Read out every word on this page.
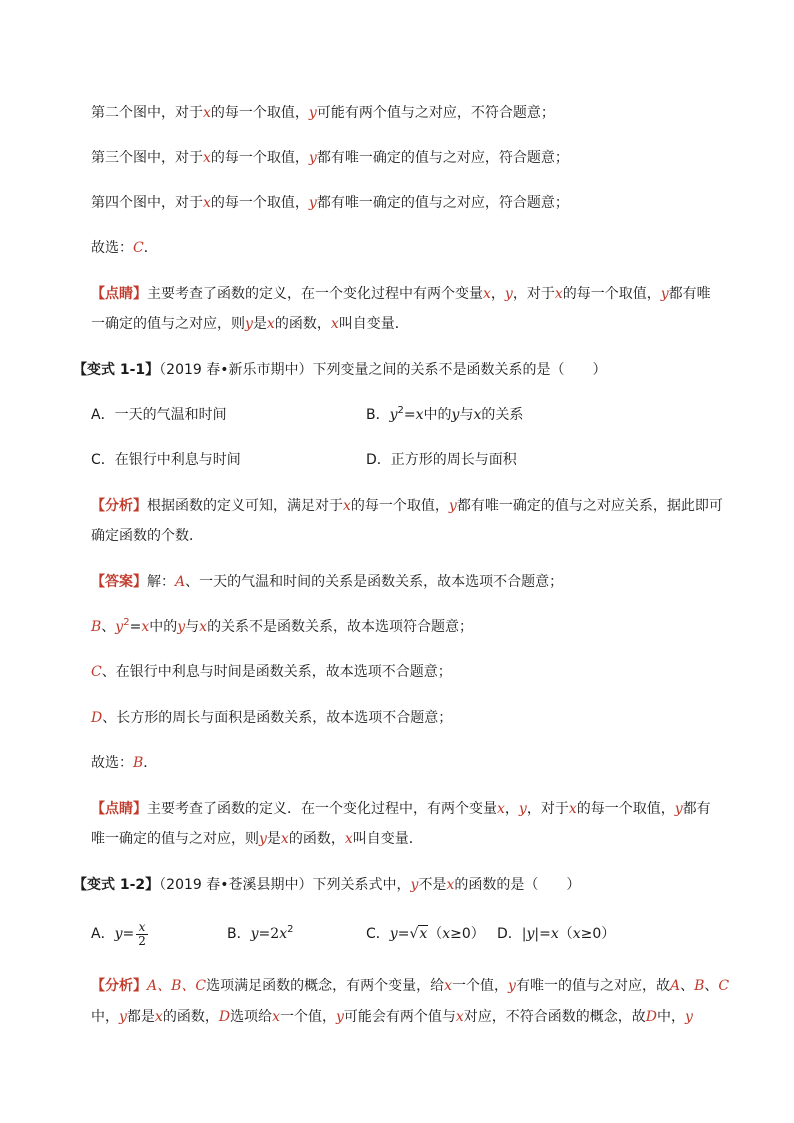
第二个图中，对于x的每一个取值，y可能有两个值与之对应，不符合题意；
第三个图中，对于x的每一个取值，y都有唯一确定的值与之对应，符合题意；
第四个图中，对于x的每一个取值，y都有唯一确定的值与之对应，符合题意；
故选：C．
【点睛】主要考查了函数的定义，在一个变化过程中有两个变量x，y，对于x的每一个取值，y都有唯
一确定的值与之对应，则y是x的函数，x叫自变量．
【变式 1-1】（2019 春•新乐市期中）下列变量之间的关系不是函数关系的是（　　）
A．一天的气温和时间	B．$y^2=x$中的y与x的关系
C．在银行中利息与时间	D．正方形的周长与面积
【分析】根据函数的定义可知，满足对于x的每一个取值，y都有唯一确定的值与之对应关系，据此即可
确定函数的个数．
【答案】解：A、一天的气温和时间的关系是函数关系，故本选项不合题意；
B、$y^2=x$中的y与x的关系不是函数关系，故本选项符合题意；
C、在银行中利息与时间是函数关系，故本选项不合题意；
D、长方形的周长与面积是函数关系，故本选项不合题意；
故选：B．
【点睛】主要考查了函数的定义．在一个变化过程中，有两个变量x，y，对于x的每一个取值，y都有
唯一确定的值与之对应，则y是x的函数，x叫自变量．
【变式 1-2】（2019 春•苍溪县期中）下列关系式中，y不是x的函数的是（　　）
A．$y= \frac{x}{2}$	B．$y=2x^2$	C．y=√x（x≥0） D．|y|=x（x≥0）
【分析】A、B、C选项满足函数的概念，有两个变量，给x一个值，y有唯一的值与之对应，故A、B、C
中，y都是x的函数，D选项给x一个值，y可能会有两个值与x对应，不符合函数的概念，故D中，y
